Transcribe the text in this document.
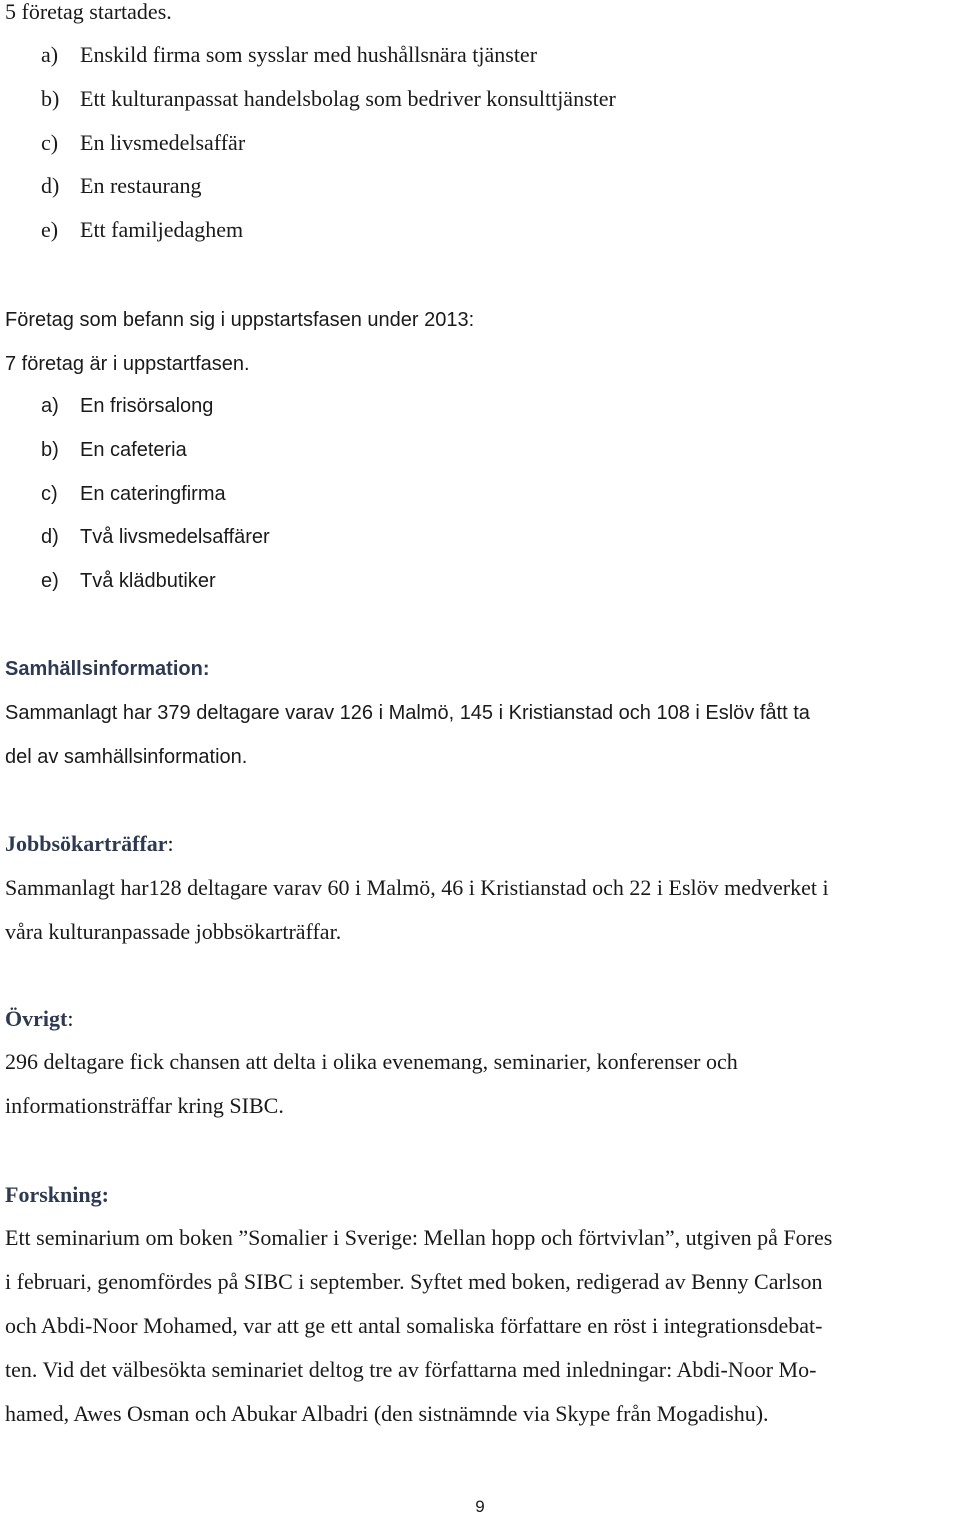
5 företag startades.
a) Enskild firma som sysslar med hushållsnära tjänster
b) Ett kulturanpassat handelsbolag som bedriver konsulttjänster
c) En livsmedelsaffär
d) En restaurang
e) Ett familjedaghem
Företag som befann sig i uppstartsfasen under 2013:
7 företag är i uppstartfasen.
a) En frisörsalong
b) En cafeteria
c) En cateringfirma
d) Två livsmedelsaffärer
e) Två klädbutiker
Samhällsinformation:
Sammanlagt har 379 deltagare varav 126 i Malmö, 145 i Kristianstad och 108 i Eslöv fått ta
del av samhällsinformation.
Jobbsökarträffar:
Sammanlagt har128 deltagare varav 60 i Malmö, 46 i Kristianstad och 22 i Eslöv medverket i
våra kulturanpassade jobbsökarträffar.
Övrigt:
296 deltagare fick chansen att delta i olika evenemang, seminarier, konferenser och
informationsträffar kring SIBC.
Forskning:
Ett seminarium om boken ”Somalier i Sverige: Mellan hopp och förtvivlan”, utgiven på Fores
i februari, genomfördes på SIBC i september. Syftet med boken, redigerad av Benny Carlson
och Abdi-Noor Mohamed, var att ge ett antal somaliska författare en röst i integrationsdebat-
ten. Vid det välbesökta seminariet deltog tre av författarna med inledningar: Abdi-Noor Mo-
hamed, Awes Osman och Abukar Albadri (den sistnämnde via Skype från Mogadishu).
9
